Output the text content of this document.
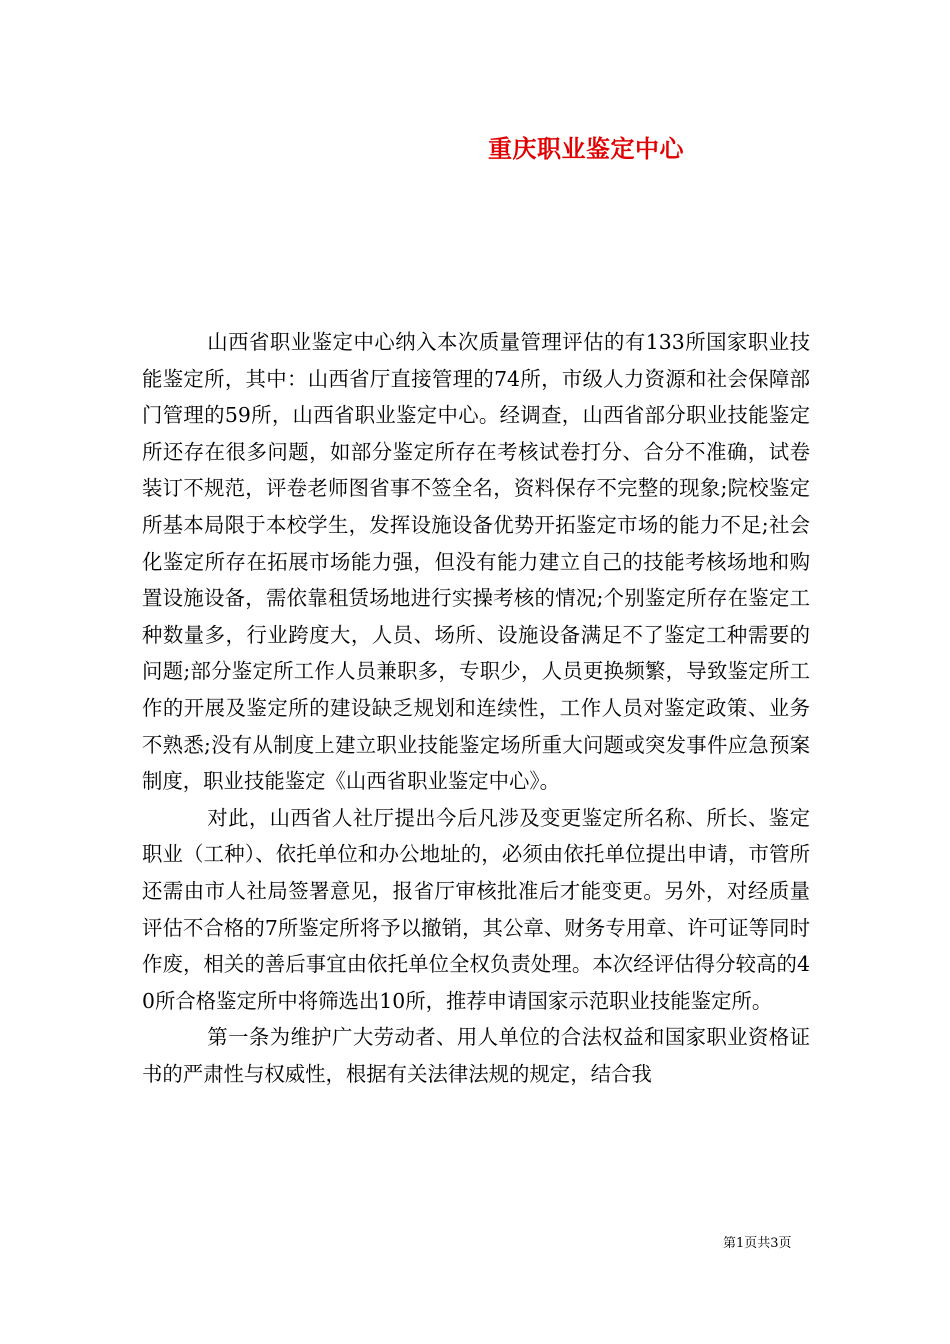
重庆职业鉴定中心

山西省职业鉴定中心纳入本次质量管理评估的有133所国家职业技能鉴定所，其中：山西省厅直接管理的74所，市级人力资源和社会保障部门管理的59所，山西省职业鉴定中心。经调查，山西省部分职业技能鉴定所还存在很多问题，如部分鉴定所存在考核试卷打分、合分不准确，试卷装订不规范，评卷老师图省事不签全名，资料保存不完整的现象;院校鉴定所基本局限于本校学生，发挥设施设备优势开拓鉴定市场的能力不足;社会化鉴定所存在拓展市场能力强，但没有能力建立自己的技能考核场地和购置设施设备，需依靠租赁场地进行实操考核的情况;个别鉴定所存在鉴定工种数量多，行业跨度大，人员、场所、设施设备满足不了鉴定工种需要的问题;部分鉴定所工作人员兼职多，专职少，人员更换频繁，导致鉴定所工作的开展及鉴定所的建设缺乏规划和连续性，工作人员对鉴定政策、业务不熟悉;没有从制度上建立职业技能鉴定场所重大问题或突发事件应急预案制度，职业技能鉴定《山西省职业鉴定中心》。

对此，山西省人社厅提出今后凡涉及变更鉴定所名称、所长、鉴定职业（工种）、依托单位和办公地址的，必须由依托单位提出申请，市管所还需由市人社局签署意见，报省厅审核批准后才能变更。另外，对经质量评估不合格的7所鉴定所将予以撤销，其公章、财务专用章、许可证等同时作废，相关的善后事宜由依托单位全权负责处理。本次经评估得分较高的40所合格鉴定所中将筛选出10所，推荐申请国家示范职业技能鉴定所。

第一条为维护广大劳动者、用人单位的合法权益和国家职业资格证书的严肃性与权威性，根据有关法律法规的规定，结合我

第1页共3页
